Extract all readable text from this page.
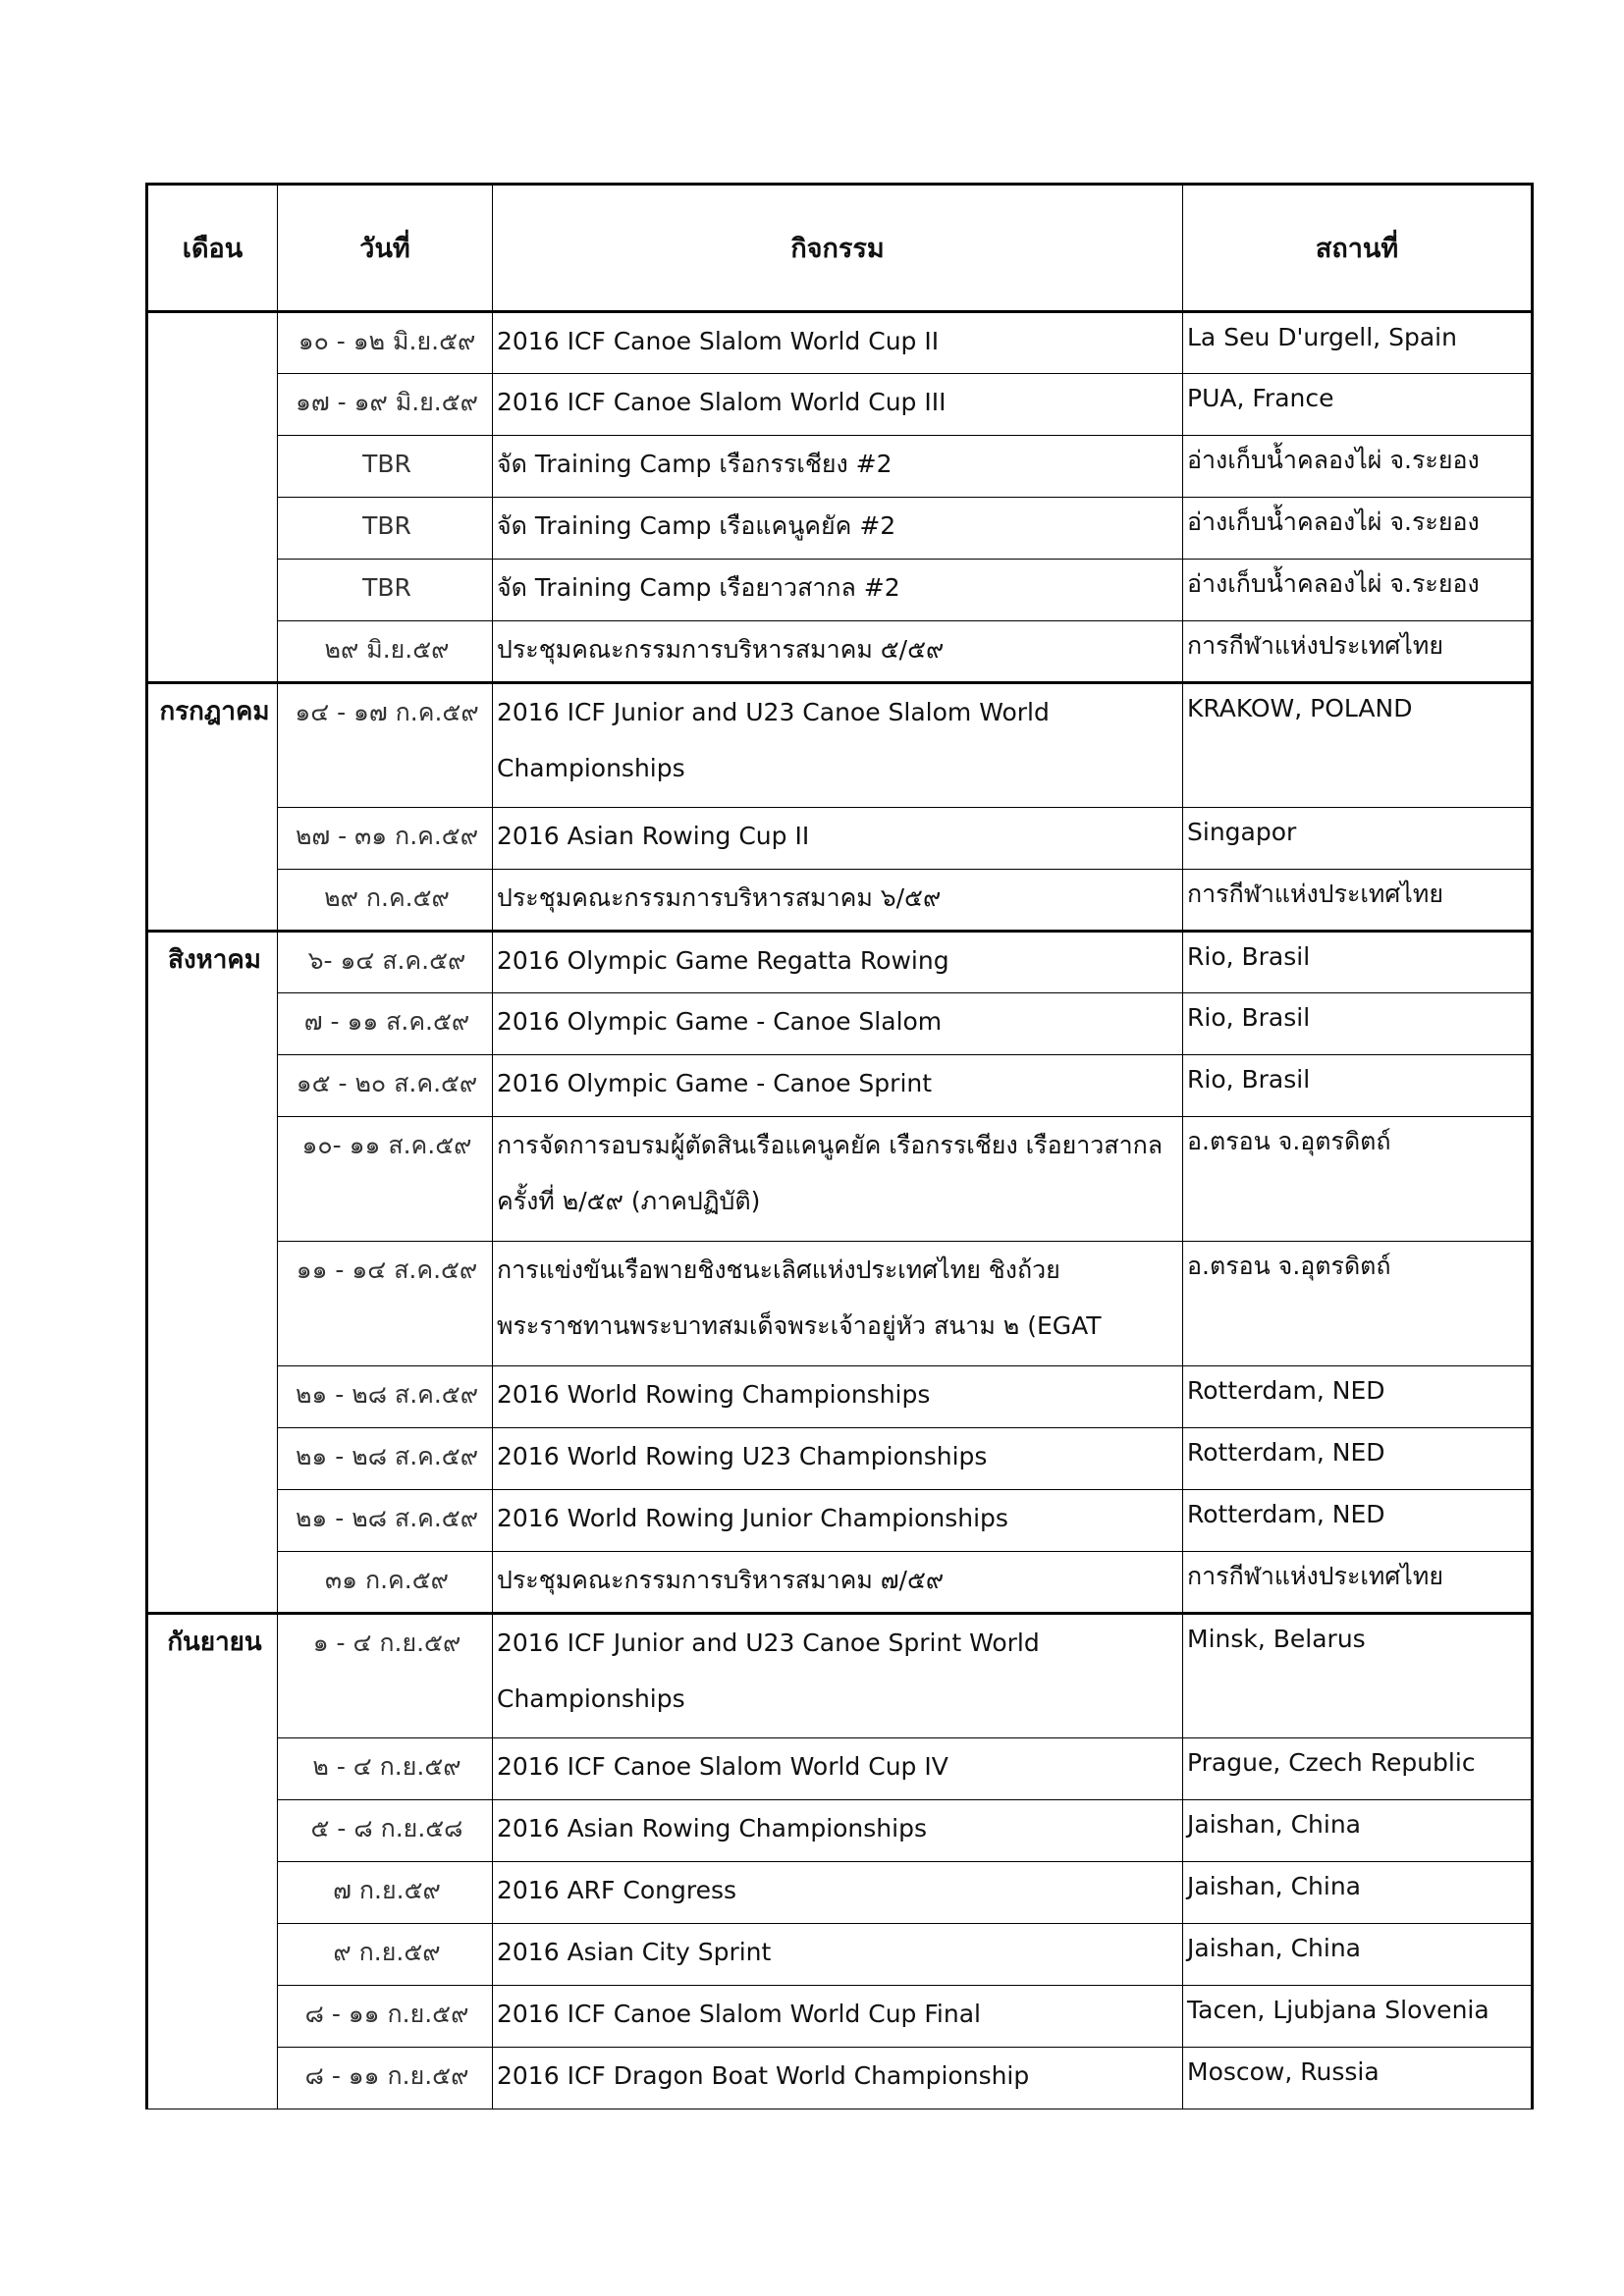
เดือน	วันที่	กิจกรรม	สถานที่
	๑๐ - ๑๒ มิ.ย.๕๙	2016 ICF Canoe Slalom World Cup II	La Seu D'urgell, Spain
	๑๗ - ๑๙ มิ.ย.๕๙	2016 ICF Canoe Slalom World Cup III	PUA, France
	TBR	จัด Training Camp เรือกรรเชียง #2	อ่างเก็บน้ำคลองไผ่ จ.ระยอง
	TBR	จัด Training Camp เรือแคนูคยัค #2	อ่างเก็บน้ำคลองไผ่ จ.ระยอง
	TBR	จัด Training Camp เรือยาวสากล #2	อ่างเก็บน้ำคลองไผ่ จ.ระยอง
	๒๙ มิ.ย.๕๙	ประชุมคณะกรรมการบริหารสมาคม ๕/๕๙	การกีฬาแห่งประเทศไทย
กรกฎาคม	๑๔ - ๑๗ ก.ค.๕๙	2016 ICF Junior and U23 Canoe Slalom World Championships	KRAKOW, POLAND
	๒๗ - ๓๑ ก.ค.๕๙	2016 Asian Rowing Cup II	Singapor
	๒๙ ก.ค.๕๙	ประชุมคณะกรรมการบริหารสมาคม ๖/๕๙	การกีฬาแห่งประเทศไทย
สิงหาคม	๖- ๑๔ ส.ค.๕๙	2016 Olympic Game Regatta Rowing	Rio, Brasil
	๗ - ๑๑ ส.ค.๕๙	2016 Olympic Game - Canoe Slalom	Rio, Brasil
	๑๕ - ๒๐ ส.ค.๕๙	2016 Olympic Game - Canoe Sprint	Rio, Brasil
	๑๐- ๑๑ ส.ค.๕๙	การจัดการอบรมผู้ตัดสินเรือแคนูคยัค เรือกรรเชียง เรือยาวสากล ครั้งที่ ๒/๕๙ (ภาคปฏิบัติ)	อ.ตรอน จ.อุตรดิตถ์
	๑๑ - ๑๔ ส.ค.๕๙	การแข่งขันเรือพายชิงชนะเลิศแห่งประเทศไทย ชิงถ้วย พระราชทานพระบาทสมเด็จพระเจ้าอยู่หัว สนาม ๒ (EGAT	อ.ตรอน จ.อุตรดิตถ์
	๒๑ - ๒๘ ส.ค.๕๙	2016 World Rowing Championships	Rotterdam, NED
	๒๑ - ๒๘ ส.ค.๕๙	2016 World Rowing U23 Championships	Rotterdam, NED
	๒๑ - ๒๘ ส.ค.๕๙	2016 World Rowing Junior Championships	Rotterdam, NED
	๓๑ ก.ค.๕๙	ประชุมคณะกรรมการบริหารสมาคม ๗/๕๙	การกีฬาแห่งประเทศไทย
กันยายน	๑ - ๔ ก.ย.๕๙	2016 ICF Junior and U23 Canoe Sprint World Championships	Minsk, Belarus
	๒ - ๔ ก.ย.๕๙	2016 ICF Canoe Slalom World Cup IV	Prague, Czech Republic
	๕ - ๘ ก.ย.๕๘	2016 Asian Rowing Championships	Jaishan, China
	๗ ก.ย.๕๙	2016 ARF Congress	Jaishan, China
	๙ ก.ย.๕๙	2016 Asian City Sprint	Jaishan, China
	๘ - ๑๑ ก.ย.๕๙	2016 ICF Canoe Slalom World Cup Final	Tacen, Ljubjana Slovenia
	๘ - ๑๑ ก.ย.๕๙	2016 ICF Dragon Boat World Championship	Moscow, Russia
